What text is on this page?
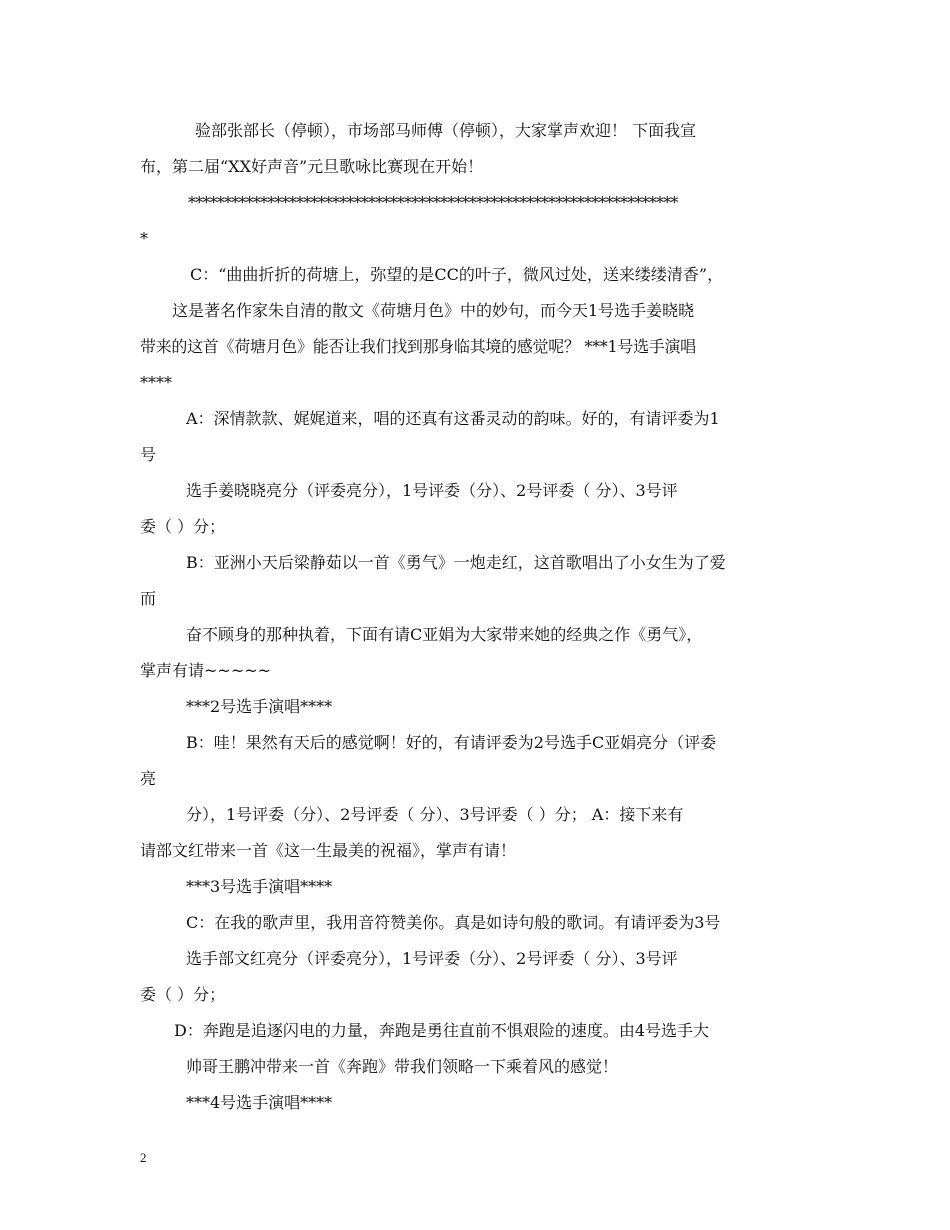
验部张部长（停顿），市场部马师傅（停顿），大家掌声欢迎！ 下面我宣
布，第二届“XX好声音”元旦歌咏比赛现在开始！
********************************************************************
*
C：“曲曲折折的荷塘上，弥望的是CC的叶子，微风过处，送来缕缕清香”，
这是著名作家朱自清的散文《荷塘月色》中的妙句，而今天1号选手姜晓晓
带来的这首《荷塘月色》能否让我们找到那身临其境的感觉呢？ ***1号选手演唱
****
A：深情款款、娓娓道来，唱的还真有这番灵动的韵味。好的，有请评委为1
号
选手姜晓晓亮分（评委亮分），1号评委（分）、2号评委（ 分）、3号评
委（ ）分；
B：亚洲小天后梁静茹以一首《勇气》一炮走红，这首歌唱出了小女生为了爱
而
奋不顾身的那种执着，下面有请C亚娟为大家带来她的经典之作《勇气》，
掌声有请~~~~~
***2号选手演唱****
B：哇！果然有天后的感觉啊！好的，有请评委为2号选手C亚娟亮分（评委
亮
分），1号评委（分）、2号评委（ 分）、3号评委（ ）分； A：接下来有
请部文红带来一首《这一生最美的祝福》，掌声有请！
***3号选手演唱****
C：在我的歌声里，我用音符赞美你。真是如诗句般的歌词。有请评委为3号
选手部文红亮分（评委亮分），1号评委（分）、2号评委（ 分）、3号评
委（ ）分；
D：奔跑是追逐闪电的力量，奔跑是勇往直前不惧艰险的速度。由4号选手大
帅哥王鹏冲带来一首《奔跑》带我们领略一下乘着风的感觉！
***4号选手演唱****
2
